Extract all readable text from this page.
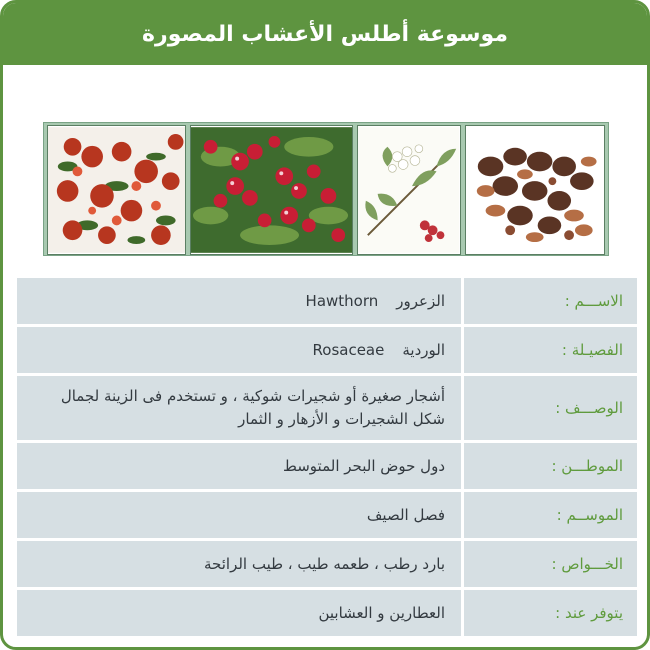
موسوعة أطلس الأعشاب المصورة
الاســـم :
الزعرور
Hawthorn
الفصيـلة :
الوردية
Rosaceae
الوصـــف :
أشجار صغيرة أو شجيرات شوكية ، و تستخدم فى الزينة لجمال شكل الشجيرات و الأزهار و الثمار
الموطـــن :
دول حوض البحر المتوسط
الموســم :
فصل الصيف
الخـــواص :
بارد رطب ، طعمه طيب ، طيب الرائحة
يتوفر عند :
العطارين و العشابين
